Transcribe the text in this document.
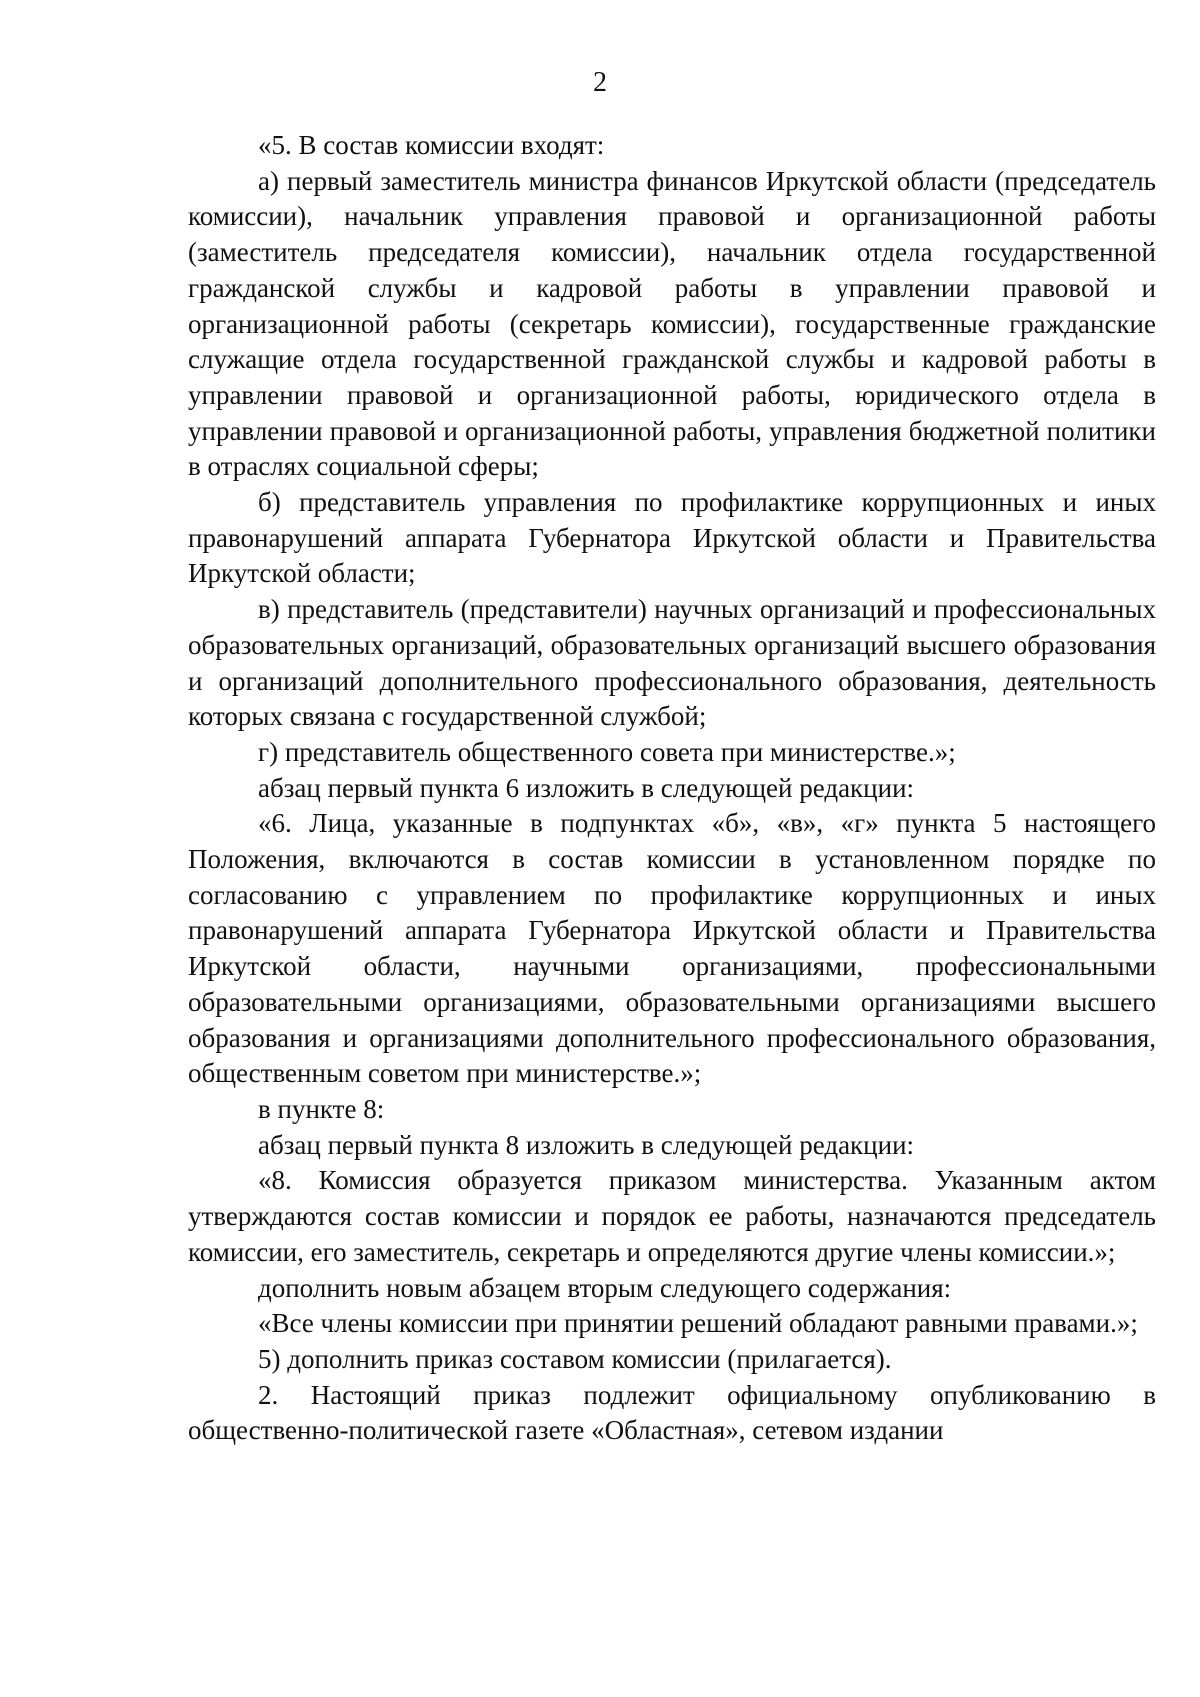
2

«5. В состав комиссии входят:

а) первый заместитель министра финансов Иркутской области (председатель комиссии), начальник управления правовой и организационной работы (заместитель председателя комиссии), начальник отдела государственной гражданской службы и кадровой работы в управлении правовой и организационной работы (секретарь комиссии), государственные гражданские служащие отдела государственной гражданской службы и кадровой работы в управлении правовой и организационной работы, юридического отдела в управлении правовой и организационной работы, управления бюджетной политики в отраслях социальной сферы;

б) представитель управления по профилактике коррупционных и иных правонарушений аппарата Губернатора Иркутской области и Правительства Иркутской области;

в) представитель (представители) научных организаций и профессиональных образовательных организаций, образовательных организаций высшего образования и организаций дополнительного профессионального образования, деятельность которых связана с государственной службой;

г) представитель общественного совета при министерстве.»;

абзац первый пункта 6 изложить в следующей редакции:

«6. Лица, указанные в подпунктах «б», «в», «г» пункта 5 настоящего Положения, включаются в состав комиссии в установленном порядке по согласованию с управлением по профилактике коррупционных и иных правонарушений аппарата Губернатора Иркутской области и Правительства Иркутской области, научными организациями, профессиональными образовательными организациями, образовательными организациями высшего образования и организациями дополнительного профессионального образования, общественным советом при министерстве.»;

в пункте 8:

абзац первый пункта 8 изложить в следующей редакции:

«8. Комиссия образуется приказом министерства. Указанным актом утверждаются состав комиссии и порядок ее работы, назначаются председатель комиссии, его заместитель, секретарь и определяются другие члены комиссии.»;

дополнить новым абзацем вторым следующего содержания:

«Все члены комиссии при принятии решений обладают равными правами.»;

5) дополнить приказ составом комиссии (прилагается).

2. Настоящий приказ подлежит официальному опубликованию в общественно-политической газете «Областная», сетевом издании
